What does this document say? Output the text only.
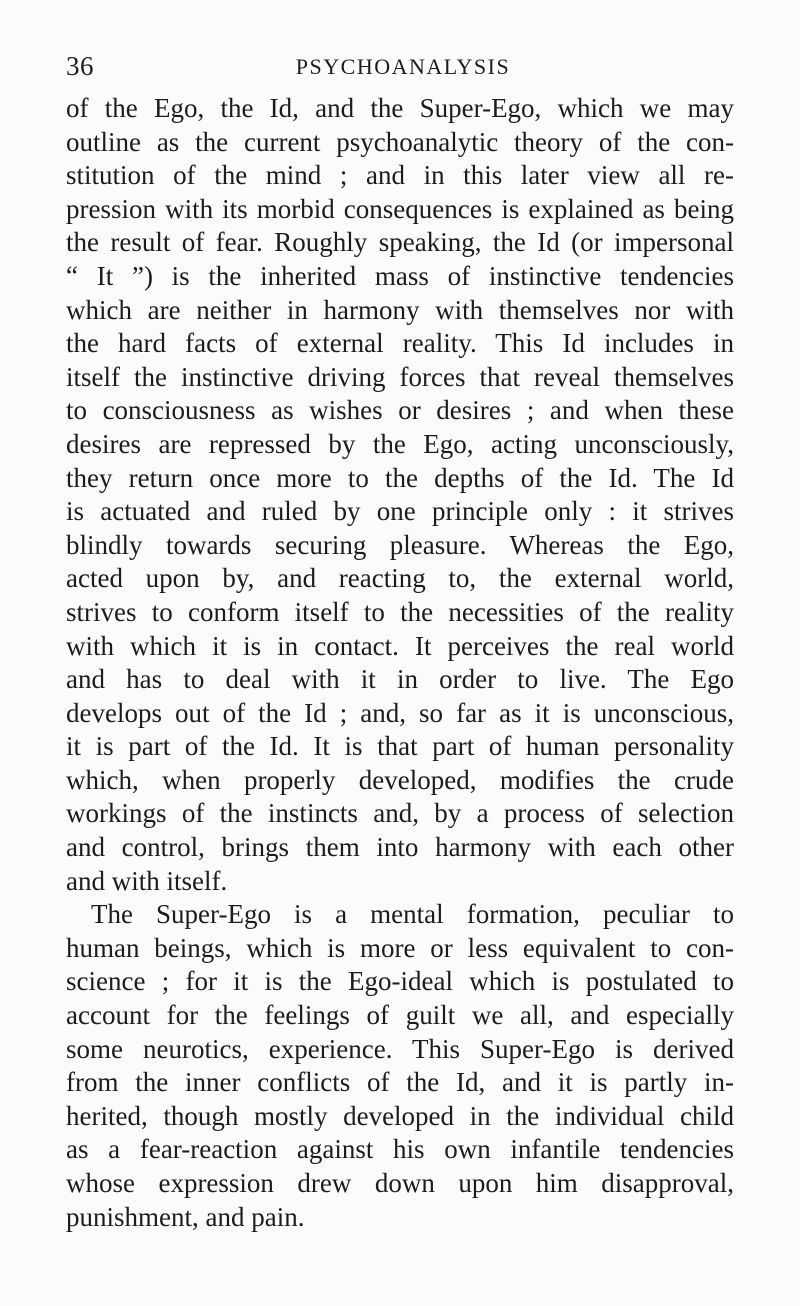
36	PSYCHOANALYSIS
of the Ego, the Id, and the Super-Ego, which we may
outline as the current psychoanalytic theory of the con-
stitution of the mind ; and in this later view all re-
pression with its morbid consequences is explained as being
the result of fear. Roughly speaking, the Id (or impersonal
“ It ”) is the inherited mass of instinctive tendencies
which are neither in harmony with themselves nor with
the hard facts of external reality. This Id includes in
itself the instinctive driving forces that reveal themselves
to consciousness as wishes or desires ; and when these
desires are repressed by the Ego, acting unconsciously,
they return once more to the depths of the Id. The Id
is actuated and ruled by one principle only : it strives
blindly towards securing pleasure. Whereas the Ego,
acted upon by, and reacting to, the external world,
strives to conform itself to the necessities of the reality
with which it is in contact. It perceives the real world
and has to deal with it in order to live. The Ego
develops out of the Id ; and, so far as it is unconscious,
it is part of the Id. It is that part of human personality
which, when properly developed, modifies the crude
workings of the instincts and, by a process of selection
and control, brings them into harmony with each other
and with itself.
The Super-Ego is a mental formation, peculiar to
human beings, which is more or less equivalent to con-
science ; for it is the Ego-ideal which is postulated to
account for the feelings of guilt we all, and especially
some neurotics, experience. This Super-Ego is derived
from the inner conflicts of the Id, and it is partly in-
herited, though mostly developed in the individual child
as a fear-reaction against his own infantile tendencies
whose expression drew down upon him disapproval,
punishment, and pain.
